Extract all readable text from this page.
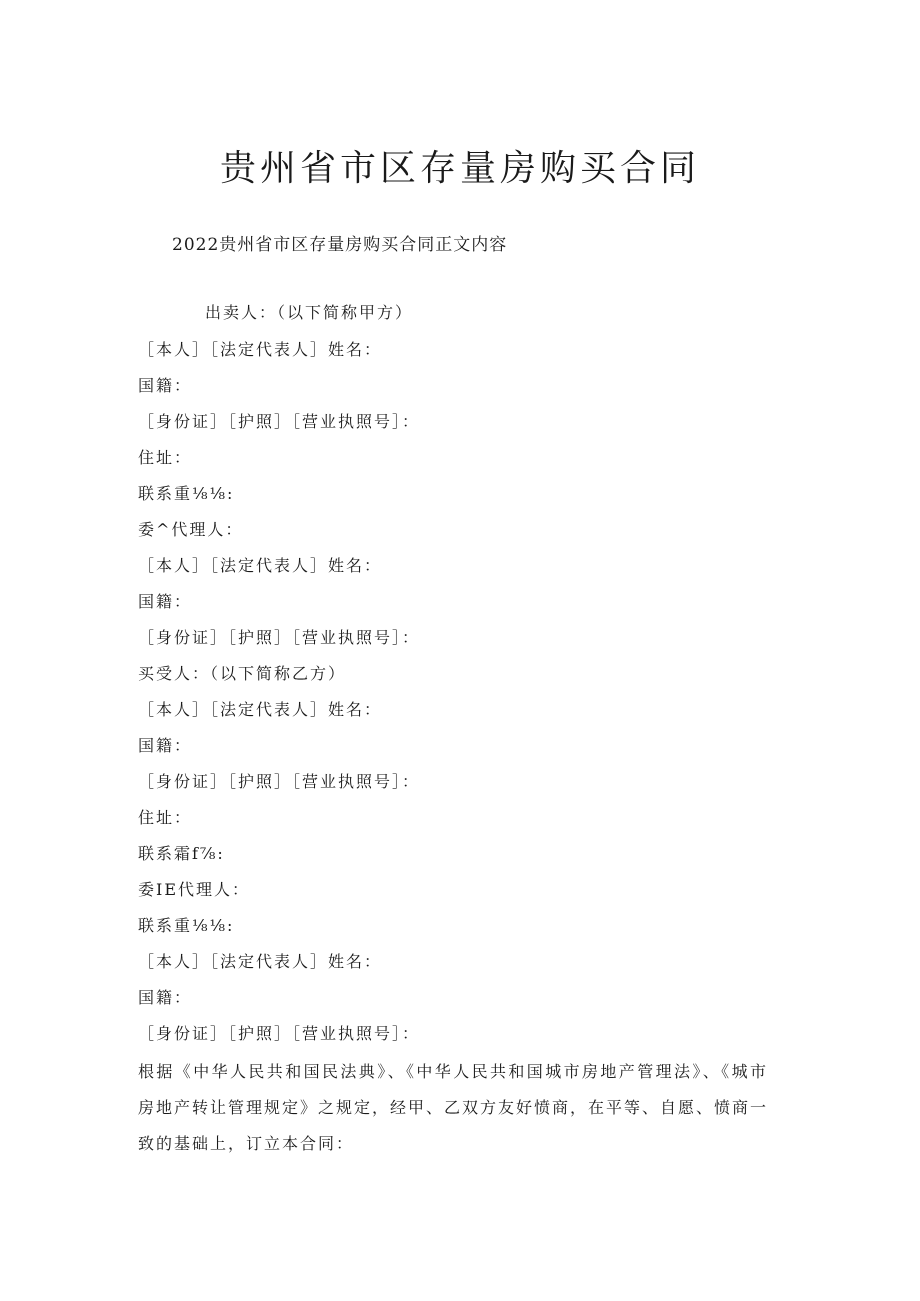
贵州省市区存量房购买合同

2022贵州省市区存量房购买合同正文内容

出卖人：（以下简称甲方）

［本人］［法定代表人］姓名：

国籍：

［身份证］［护照］［营业执照号］：

住址：

联系重⅛⅛:

委^代理人：

［本人］［法定代表人］姓名：

国籍：

［身份证］［护照］［营业执照号］：

买受人：（以下简称乙方）

［本人］［法定代表人］姓名：

国籍：

［身份证］［护照］［营业执照号］：

住址：

联系霜f⅞:

委IE代理人：

联系重⅛⅛:

［本人］［法定代表人］姓名：

国籍：

［身份证］［护照］［营业执照号］：

根据《中华人民共和国民法典》、《中华人民共和国城市房地产管理法》、《城市房地产转让管理规定》之规定，经甲、乙双方友好愤商，在平等、自愿、愤商一致的基础上，订立本合同：
